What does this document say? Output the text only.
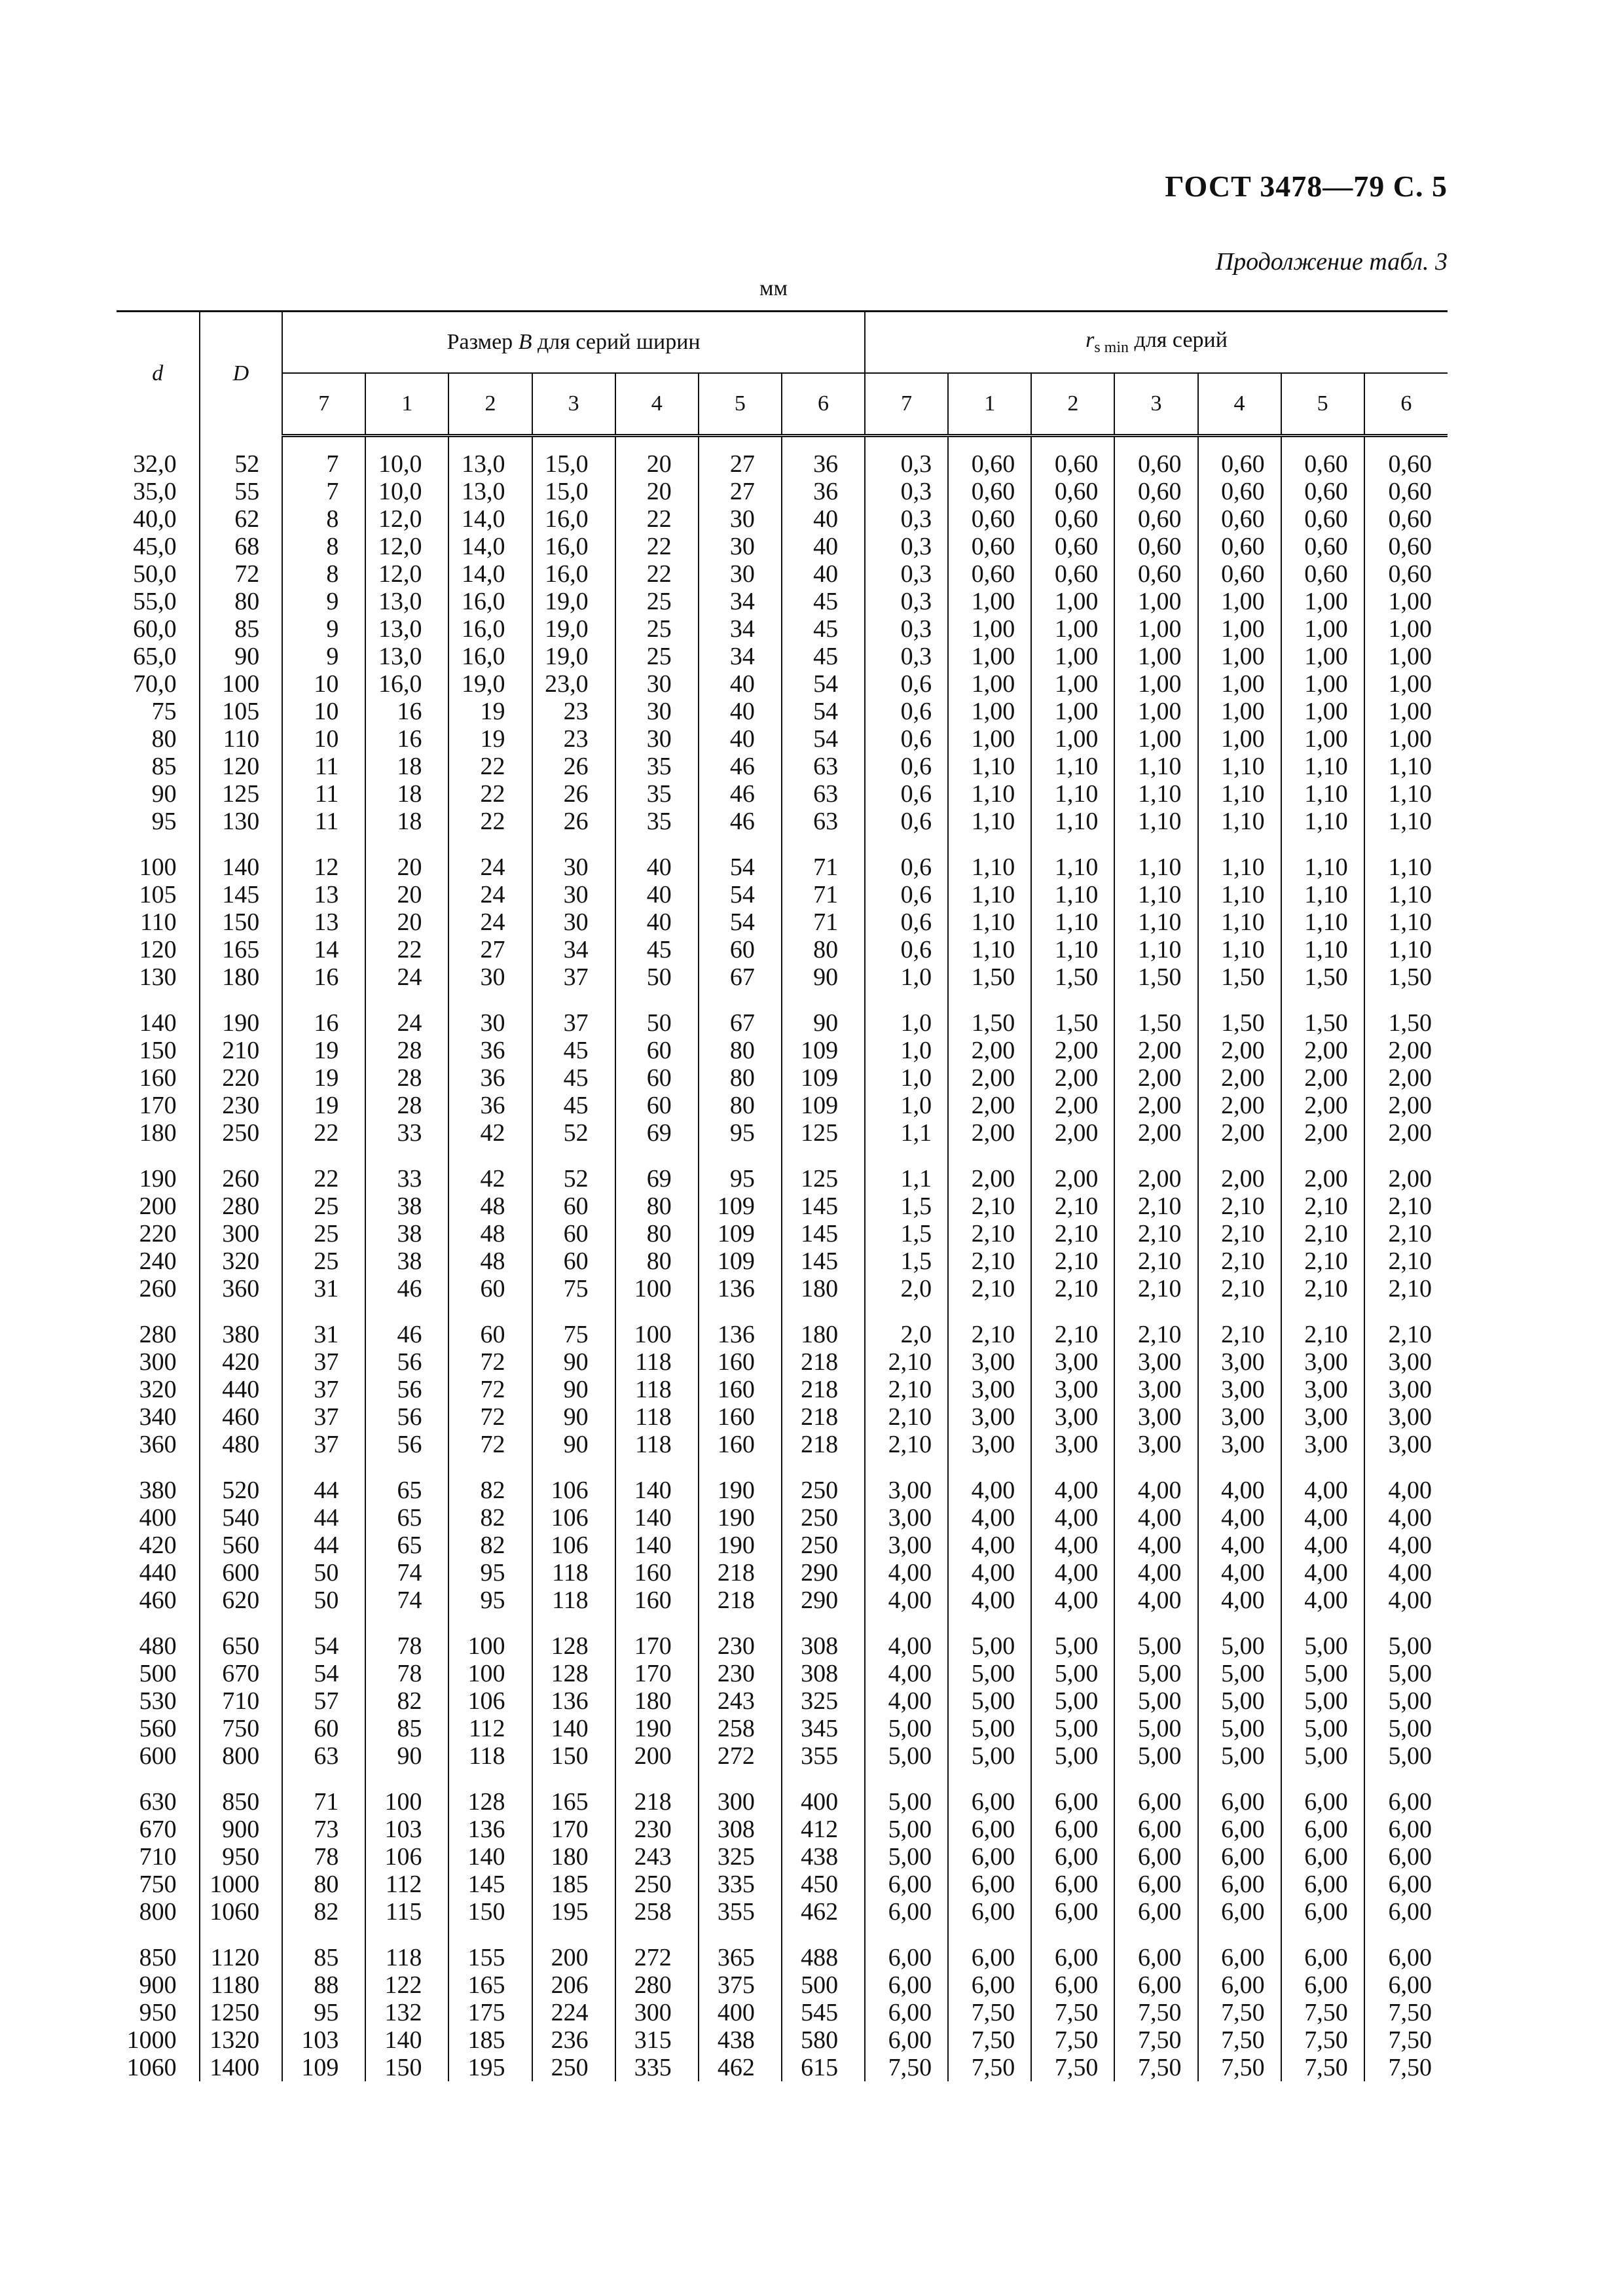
ГОСТ 3478—79 С. 5
Продолжение табл. 3
мм
d	D	Размер B для серий ширин							$r_{s min}$ для серий						
		7	1	2	3	4	5	6	7	1	2	3	4	5	6

32,0	52	7	10,0	13,0	15,0	20	27	36	0,3	0,60	0,60	0,60	0,60	0,60	0,60
35,0	55	7	10,0	13,0	15,0	20	27	36	0,3	0,60	0,60	0,60	0,60	0,60	0,60
40,0	62	8	12,0	14,0	16,0	22	30	40	0,3	0,60	0,60	0,60	0,60	0,60	0,60
45,0	68	8	12,0	14,0	16,0	22	30	40	0,3	0,60	0,60	0,60	0,60	0,60	0,60
50,0	72	8	12,0	14,0	16,0	22	30	40	0,3	0,60	0,60	0,60	0,60	0,60	0,60
55,0	80	9	13,0	16,0	19,0	25	34	45	0,3	1,00	1,00	1,00	1,00	1,00	1,00
60,0	85	9	13,0	16,0	19,0	25	34	45	0,3	1,00	1,00	1,00	1,00	1,00	1,00
65,0	90	9	13,0	16,0	19,0	25	34	45	0,3	1,00	1,00	1,00	1,00	1,00	1,00
70,0	100	10	16,0	19,0	23,0	30	40	54	0,6	1,00	1,00	1,00	1,00	1,00	1,00
75	105	10	16	19	23	30	40	54	0,6	1,00	1,00	1,00	1,00	1,00	1,00
80	110	10	16	19	23	30	40	54	0,6	1,00	1,00	1,00	1,00	1,00	1,00
85	120	11	18	22	26	35	46	63	0,6	1,10	1,10	1,10	1,10	1,10	1,10
90	125	11	18	22	26	35	46	63	0,6	1,10	1,10	1,10	1,10	1,10	1,10
95	130	11	18	22	26	35	46	63	0,6	1,10	1,10	1,10	1,10	1,10	1,10

100	140	12	20	24	30	40	54	71	0,6	1,10	1,10	1,10	1,10	1,10	1,10
105	145	13	20	24	30	40	54	71	0,6	1,10	1,10	1,10	1,10	1,10	1,10
110	150	13	20	24	30	40	54	71	0,6	1,10	1,10	1,10	1,10	1,10	1,10
120	165	14	22	27	34	45	60	80	0,6	1,10	1,10	1,10	1,10	1,10	1,10
130	180	16	24	30	37	50	67	90	1,0	1,50	1,50	1,50	1,50	1,50	1,50

140	190	16	24	30	37	50	67	90	1,0	1,50	1,50	1,50	1,50	1,50	1,50
150	210	19	28	36	45	60	80	109	1,0	2,00	2,00	2,00	2,00	2,00	2,00
160	220	19	28	36	45	60	80	109	1,0	2,00	2,00	2,00	2,00	2,00	2,00
170	230	19	28	36	45	60	80	109	1,0	2,00	2,00	2,00	2,00	2,00	2,00
180	250	22	33	42	52	69	95	125	1,1	2,00	2,00	2,00	2,00	2,00	2,00

190	260	22	33	42	52	69	95	125	1,1	2,00	2,00	2,00	2,00	2,00	2,00
200	280	25	38	48	60	80	109	145	1,5	2,10	2,10	2,10	2,10	2,10	2,10
220	300	25	38	48	60	80	109	145	1,5	2,10	2,10	2,10	2,10	2,10	2,10
240	320	25	38	48	60	80	109	145	1,5	2,10	2,10	2,10	2,10	2,10	2,10
260	360	31	46	60	75	100	136	180	2,0	2,10	2,10	2,10	2,10	2,10	2,10

280	380	31	46	60	75	100	136	180	2,0	2,10	2,10	2,10	2,10	2,10	2,10
300	420	37	56	72	90	118	160	218	2,10	3,00	3,00	3,00	3,00	3,00	3,00
320	440	37	56	72	90	118	160	218	2,10	3,00	3,00	3,00	3,00	3,00	3,00
340	460	37	56	72	90	118	160	218	2,10	3,00	3,00	3,00	3,00	3,00	3,00
360	480	37	56	72	90	118	160	218	2,10	3,00	3,00	3,00	3,00	3,00	3,00

380	520	44	65	82	106	140	190	250	3,00	4,00	4,00	4,00	4,00	4,00	4,00
400	540	44	65	82	106	140	190	250	3,00	4,00	4,00	4,00	4,00	4,00	4,00
420	560	44	65	82	106	140	190	250	3,00	4,00	4,00	4,00	4,00	4,00	4,00
440	600	50	74	95	118	160	218	290	4,00	4,00	4,00	4,00	4,00	4,00	4,00
460	620	50	74	95	118	160	218	290	4,00	4,00	4,00	4,00	4,00	4,00	4,00

480	650	54	78	100	128	170	230	308	4,00	5,00	5,00	5,00	5,00	5,00	5,00
500	670	54	78	100	128	170	230	308	4,00	5,00	5,00	5,00	5,00	5,00	5,00
530	710	57	82	106	136	180	243	325	4,00	5,00	5,00	5,00	5,00	5,00	5,00
560	750	60	85	112	140	190	258	345	5,00	5,00	5,00	5,00	5,00	5,00	5,00
600	800	63	90	118	150	200	272	355	5,00	5,00	5,00	5,00	5,00	5,00	5,00

630	850	71	100	128	165	218	300	400	5,00	6,00	6,00	6,00	6,00	6,00	6,00
670	900	73	103	136	170	230	308	412	5,00	6,00	6,00	6,00	6,00	6,00	6,00
710	950	78	106	140	180	243	325	438	5,00	6,00	6,00	6,00	6,00	6,00	6,00
750	1000	80	112	145	185	250	335	450	6,00	6,00	6,00	6,00	6,00	6,00	6,00
800	1060	82	115	150	195	258	355	462	6,00	6,00	6,00	6,00	6,00	6,00	6,00

850	1120	85	118	155	200	272	365	488	6,00	6,00	6,00	6,00	6,00	6,00	6,00
900	1180	88	122	165	206	280	375	500	6,00	6,00	6,00	6,00	6,00	6,00	6,00
950	1250	95	132	175	224	300	400	545	6,00	7,50	7,50	7,50	7,50	7,50	7,50
1000	1320	103	140	185	236	315	438	580	6,00	7,50	7,50	7,50	7,50	7,50	7,50
1060	1400	109	150	195	250	335	462	615	7,50	7,50	7,50	7,50	7,50	7,50	7,50
